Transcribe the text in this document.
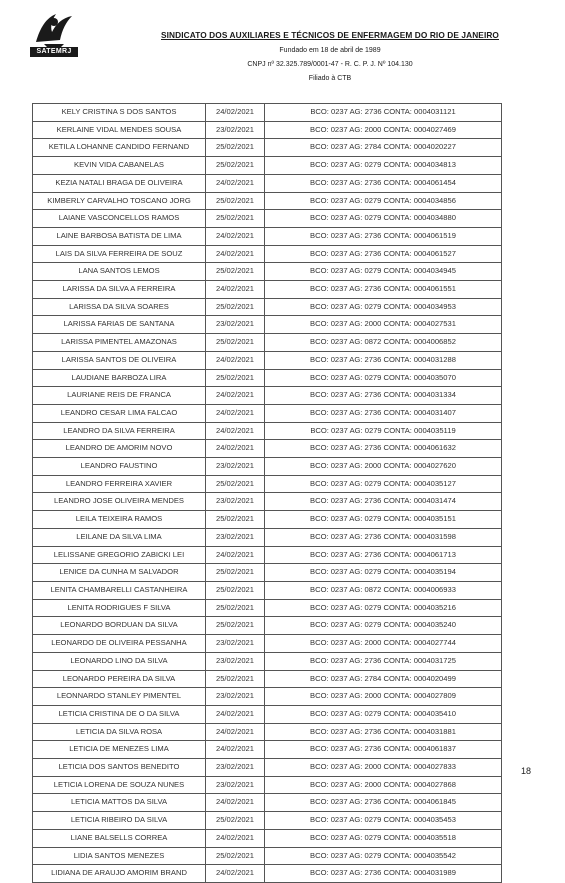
SATEMRJ
SINDICATO DOS AUXILIARES E TÉCNICOS DE ENFERMAGEM DO RIO DE JANEIRO
Fundado em 18 de abril de 1989
CNPJ nº 32.325.789/0001-47 - R. C. P. J. Nº 104.130
Filiado à CTB
KELY CRISTINA S DOS SANTOS	24/02/2021	BCO: 0237 AG: 2736 CONTA: 0004031121
KERLAINE VIDAL MENDES SOUSA	23/02/2021	BCO: 0237 AG: 2000 CONTA: 0004027469
KETILA LOHANNE CANDIDO FERNAND	25/02/2021	BCO: 0237 AG: 2784 CONTA: 0004020227
KEVIN VIDA CABANELAS	25/02/2021	BCO: 0237 AG: 0279 CONTA: 0004034813
KEZIA NATALI BRAGA DE OLIVEIRA	24/02/2021	BCO: 0237 AG: 2736 CONTA: 0004061454
KIMBERLY CARVALHO TOSCANO JORG	25/02/2021	BCO: 0237 AG: 0279 CONTA: 0004034856
LAIANE VASCONCELLOS RAMOS	25/02/2021	BCO: 0237 AG: 0279 CONTA: 0004034880
LAINE BARBOSA BATISTA DE LIMA	24/02/2021	BCO: 0237 AG: 2736 CONTA: 0004061519
LAIS DA SILVA FERREIRA DE SOUZ	24/02/2021	BCO: 0237 AG: 2736 CONTA: 0004061527
LANA SANTOS LEMOS	25/02/2021	BCO: 0237 AG: 0279 CONTA: 0004034945
LARISSA DA SILVA A FERREIRA	24/02/2021	BCO: 0237 AG: 2736 CONTA: 0004061551
LARISSA DA SILVA SOARES	25/02/2021	BCO: 0237 AG: 0279 CONTA: 0004034953
LARISSA FARIAS DE SANTANA	23/02/2021	BCO: 0237 AG: 2000 CONTA: 0004027531
LARISSA PIMENTEL AMAZONAS	25/02/2021	BCO: 0237 AG: 0872 CONTA: 0004006852
LARISSA SANTOS DE OLIVEIRA	24/02/2021	BCO: 0237 AG: 2736 CONTA: 0004031288
LAUDIANE BARBOZA LIRA	25/02/2021	BCO: 0237 AG: 0279 CONTA: 0004035070
LAURIANE REIS DE FRANCA	24/02/2021	BCO: 0237 AG: 2736 CONTA: 0004031334
LEANDRO CESAR LIMA FALCAO	24/02/2021	BCO: 0237 AG: 2736 CONTA: 0004031407
LEANDRO DA SILVA FERREIRA	24/02/2021	BCO: 0237 AG: 0279 CONTA: 0004035119
LEANDRO DE AMORIM NOVO	24/02/2021	BCO: 0237 AG: 2736 CONTA: 0004061632
LEANDRO FAUSTINO	23/02/2021	BCO: 0237 AG: 2000 CONTA: 0004027620
LEANDRO FERREIRA XAVIER	25/02/2021	BCO: 0237 AG: 0279 CONTA: 0004035127
LEANDRO JOSE OLIVEIRA MENDES	23/02/2021	BCO: 0237 AG: 2736 CONTA: 0004031474
LEILA TEIXEIRA RAMOS	25/02/2021	BCO: 0237 AG: 0279 CONTA: 0004035151
LEILANE DA SILVA LIMA	23/02/2021	BCO: 0237 AG: 2736 CONTA: 0004031598
LELISSANE GREGORIO ZABICKI LEI	24/02/2021	BCO: 0237 AG: 2736 CONTA: 0004061713
LENICE DA CUNHA M SALVADOR	25/02/2021	BCO: 0237 AG: 0279 CONTA: 0004035194
LENITA CHAMBARELLI CASTANHEIRA	25/02/2021	BCO: 0237 AG: 0872 CONTA: 0004006933
LENITA RODRIGUES F SILVA	25/02/2021	BCO: 0237 AG: 0279 CONTA: 0004035216
LEONARDO BORDUAN DA SILVA	25/02/2021	BCO: 0237 AG: 0279 CONTA: 0004035240
LEONARDO DE OLIVEIRA PESSANHA	23/02/2021	BCO: 0237 AG: 2000 CONTA: 0004027744
LEONARDO LINO DA SILVA	23/02/2021	BCO: 0237 AG: 2736 CONTA: 0004031725
LEONARDO PEREIRA DA SILVA	25/02/2021	BCO: 0237 AG: 2784 CONTA: 0004020499
LEONNARDO STANLEY PIMENTEL	23/02/2021	BCO: 0237 AG: 2000 CONTA: 0004027809
LETICIA CRISTINA DE O DA SILVA	24/02/2021	BCO: 0237 AG: 0279 CONTA: 0004035410
LETICIA DA SILVA ROSA	24/02/2021	BCO: 0237 AG: 2736 CONTA: 0004031881
LETICIA DE MENEZES LIMA	24/02/2021	BCO: 0237 AG: 2736 CONTA: 0004061837
LETICIA DOS SANTOS BENEDITO	23/02/2021	BCO: 0237 AG: 2000 CONTA: 0004027833
LETICIA LORENA DE SOUZA NUNES	23/02/2021	BCO: 0237 AG: 2000 CONTA: 0004027868
LETICIA MATTOS DA SILVA	24/02/2021	BCO: 0237 AG: 2736 CONTA: 0004061845
LETICIA RIBEIRO DA SILVA	25/02/2021	BCO: 0237 AG: 0279 CONTA: 0004035453
LIANE BALSELLS CORREA	24/02/2021	BCO: 0237 AG: 0279 CONTA: 0004035518
LIDIA SANTOS MENEZES	25/02/2021	BCO: 0237 AG: 0279 CONTA: 0004035542
LIDIANA DE ARAUJO AMORIM BRAND	24/02/2021	BCO: 0237 AG: 2736 CONTA: 0004031989
18
